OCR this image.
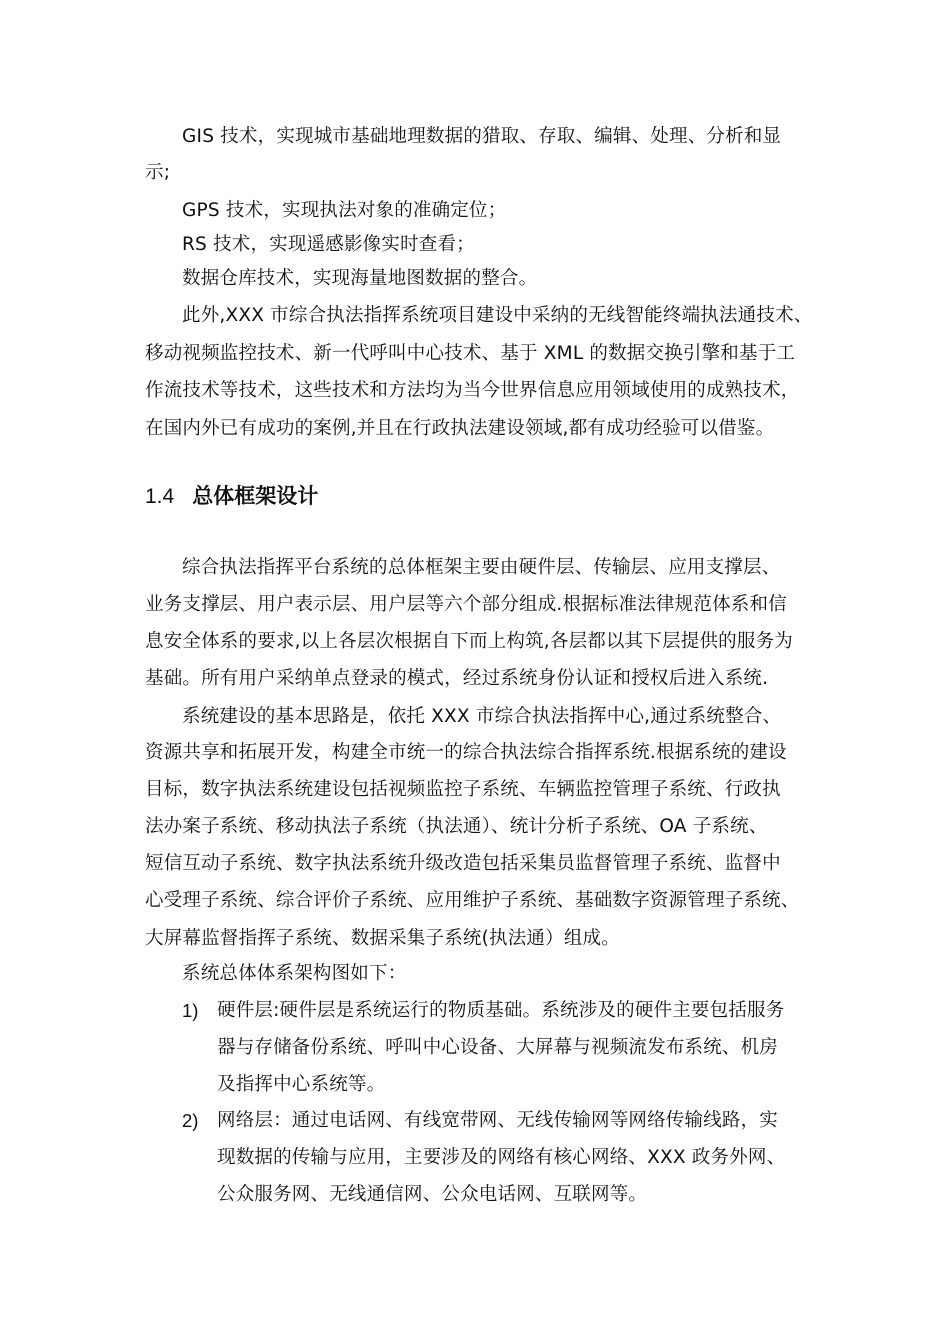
GIS 技术，实现城市基础地理数据的猎取、存取、编辑、处理、分析和显
示;
GPS 技术，实现执法对象的准确定位；
RS 技术，实现遥感影像实时查看；
数据仓库技术，实现海量地图数据的整合。
此外,XXX 市综合执法指挥系统项目建设中采纳的无线智能终端执法通技术、
移动视频监控技术、新一代呼叫中心技术、基于 XML 的数据交换引擎和基于工
作流技术等技术，这些技术和方法均为当今世界信息应用领域使用的成熟技术，
在国内外已有成功的案例,并且在行政执法建设领域,都有成功经验可以借鉴。
1.4 总体框架设计
综合执法指挥平台系统的总体框架主要由硬件层、传输层、应用支撑层、
业务支撑层、用户表示层、用户层等六个部分组成.根据标准法律规范体系和信
息安全体系的要求,以上各层次根据自下而上构筑,各层都以其下层提供的服务为
基础。所有用户采纳单点登录的模式，经过系统身份认证和授权后进入系统.
系统建设的基本思路是，依托 XXX 市综合执法指挥中心,通过系统整合、
资源共享和拓展开发，构建全市统一的综合执法综合指挥系统.根据系统的建设
目标，数字执法系统建设包括视频监控子系统、车辆监控管理子系统、行政执
法办案子系统、移动执法子系统（执法通）、统计分析子系统、OA 子系统、
短信互动子系统、数字执法系统升级改造包括采集员监督管理子系统、监督中
心受理子系统、综合评价子系统、应用维护子系统、基础数字资源管理子系统、
大屏幕监督指挥子系统、数据采集子系统(执法通）组成。
系统总体体系架构图如下：
1) 硬件层:硬件层是系统运行的物质基础。系统涉及的硬件主要包括服务
器与存储备份系统、呼叫中心设备、大屏幕与视频流发布系统、机房
及指挥中心系统等。
2) 网络层：通过电话网、有线宽带网、无线传输网等网络传输线路，实
现数据的传输与应用，主要涉及的网络有核心网络、XXX 政务外网、
公众服务网、无线通信网、公众电话网、互联网等。
